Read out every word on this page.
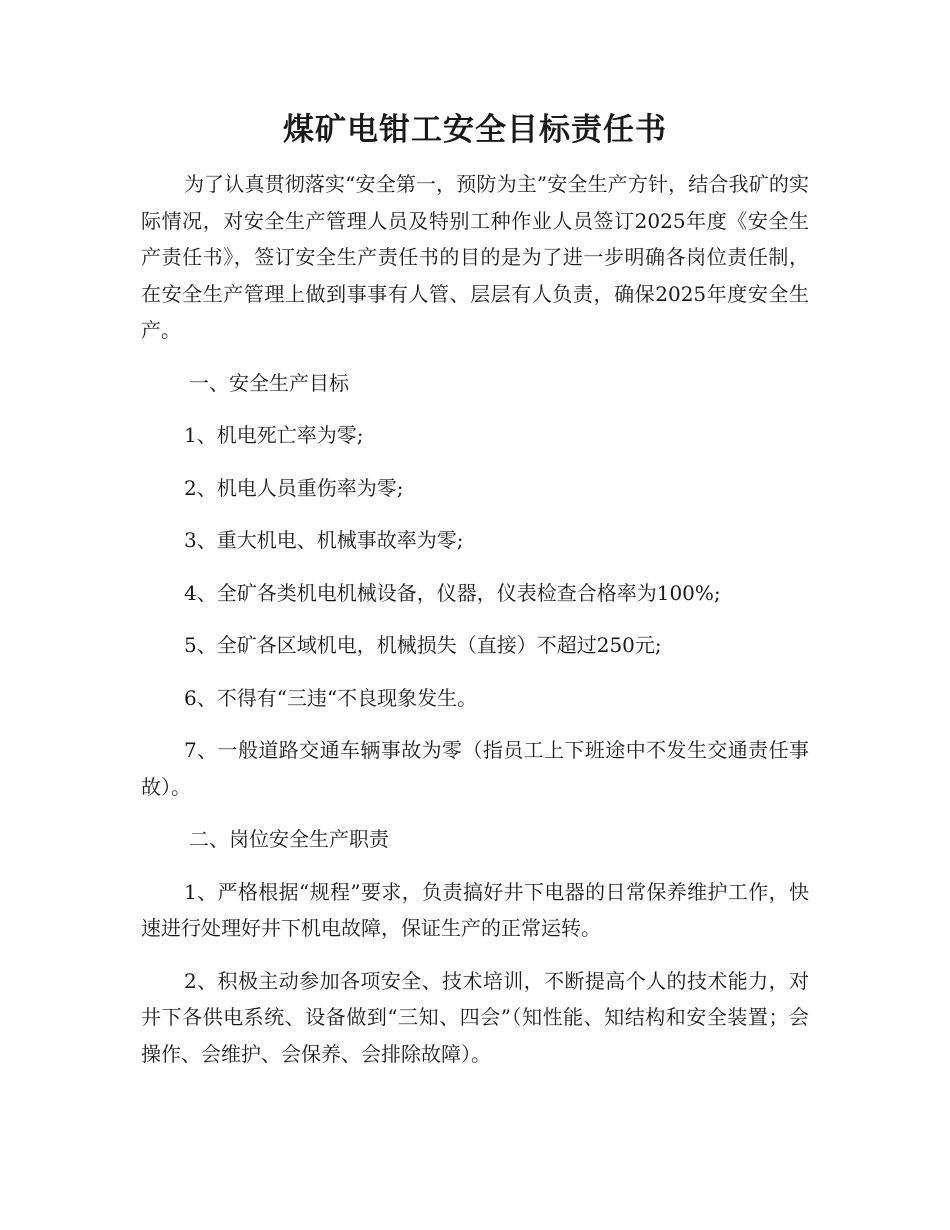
煤矿电钳工安全目标责任书

为了认真贯彻落实“安全第一，预防为主”安全生产方针，结合我矿的实际情况，对安全生产管理人员及特别工种作业人员签订2025年度《安全生产责任书》，签订安全生产责任书的目的是为了进一步明确各岗位责任制，在安全生产管理上做到事事有人管、层层有人负责，确保2025年度安全生产。

一、安全生产目标

1、机电死亡率为零;

2、机电人员重伤率为零;

3、重大机电、机械事故率为零;

4、全矿各类机电机械设备，仪器，仪表检查合格率为100%;

5、全矿各区域机电，机械损失（直接）不超过250元;

6、不得有“三违“不良现象发生。

7、一般道路交通车辆事故为零（指员工上下班途中不发生交通责任事故）。

二、岗位安全生产职责

1、严格根据“规程”要求，负责搞好井下电器的日常保养维护工作，快速进行处理好井下机电故障，保证生产的正常运转。

2、积极主动参加各项安全、技术培训，不断提高个人的技术能力，对井下各供电系统、设备做到“三知、四会”（知性能、知结构和安全装置；会操作、会维护、会保养、会排除故障）。
